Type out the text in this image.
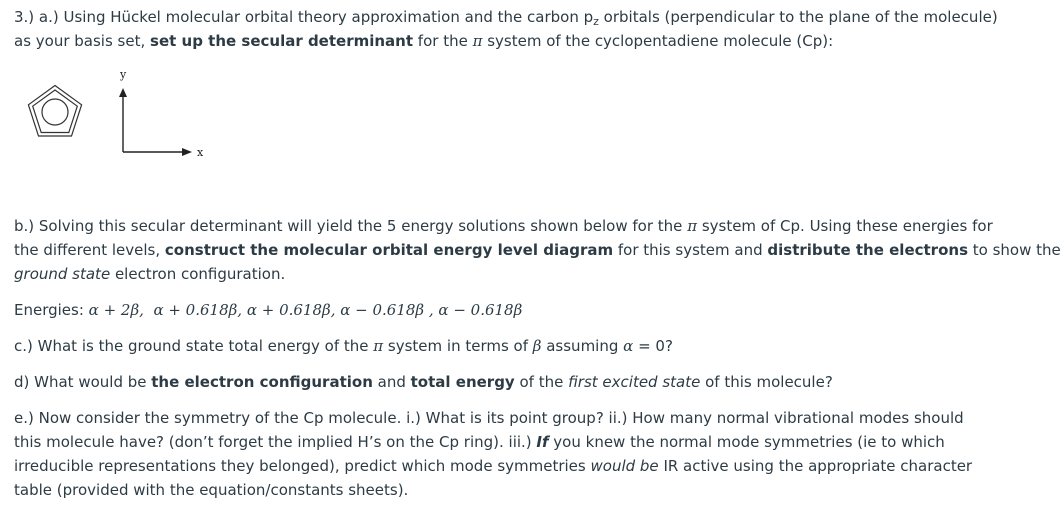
3.) a.) Using Hückel molecular orbital theory approximation and the carbon $p_z$ orbitals (perpendicular to the plane of the molecule)

as your basis set, set up the secular determinant for the π system of the cyclopentadiene molecule (Cp):

y
x

b.) Solving this secular determinant will yield the 5 energy solutions shown below for the π system of Cp. Using these energies for

the different levels, construct the molecular orbital energy level diagram for this system and distribute the electrons to show the

ground state electron configuration.

Energies: α + 2β, α + 0.618β, α + 0.618β, α − 0.618β , α − 0.618β

c.) What is the ground state total energy of the π system in terms of β assuming α = 0?

d) What would be the electron configuration and total energy of the first excited state of this molecule?

e.) Now consider the symmetry of the Cp molecule. i.) What is its point group? ii.) How many normal vibrational modes should

this molecule have? (don’t forget the implied H’s on the Cp ring). iii.) If you knew the normal mode symmetries (ie to which

irreducible representations they belonged), predict which mode symmetries would be IR active using the appropriate character

table (provided with the equation/constants sheets).
